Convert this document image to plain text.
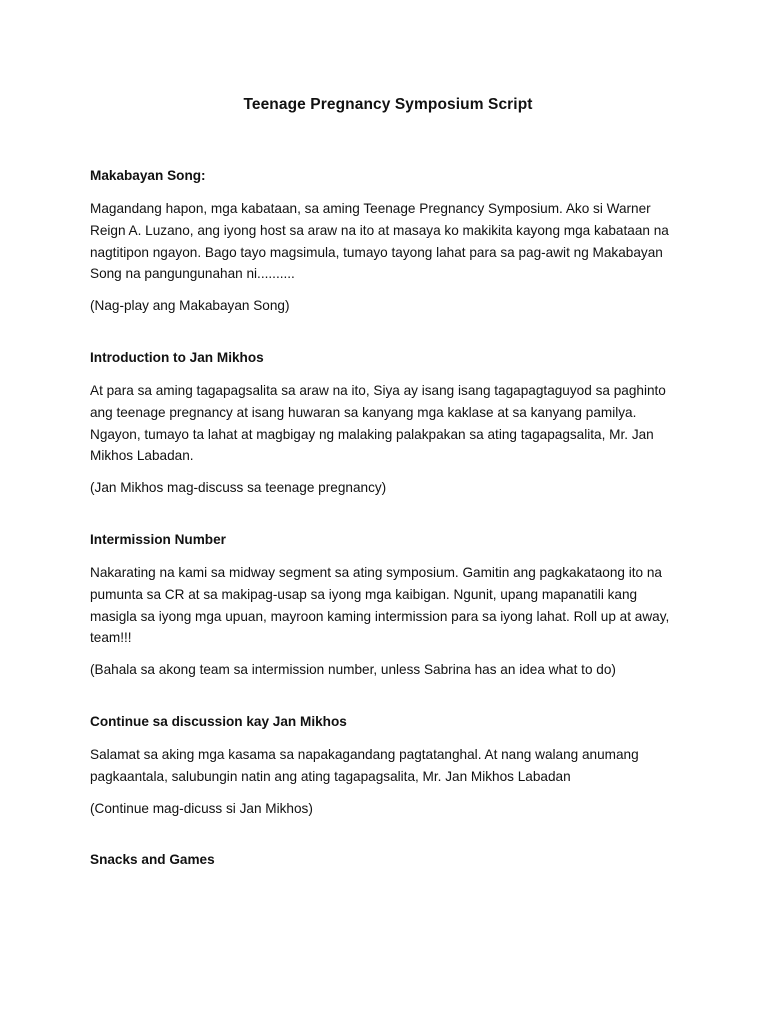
Teenage Pregnancy Symposium Script
Makabayan Song:

Magandang hapon, mga kabataan, sa aming Teenage Pregnancy Symposium. Ako si Warner Reign A. Luzano, ang iyong host sa araw na ito at masaya ko makikita kayong mga kabataan na nagtitipon ngayon. Bago tayo magsimula, tumayo tayong lahat para sa pag-awit ng Makabayan Song na pangungunahan ni..........

(Nag-play ang Makabayan Song)

Introduction to Jan Mikhos

At para sa aming tagapagsalita sa araw na ito, Siya ay isang isang tagapagtaguyod sa paghinto ang teenage pregnancy at isang huwaran sa kanyang mga kaklase at sa kanyang pamilya. Ngayon, tumayo ta lahat at magbigay ng malaking palakpakan sa ating tagapagsalita, Mr. Jan Mikhos Labadan.

(Jan Mikhos mag-discuss sa teenage pregnancy)

Intermission Number

Nakarating na kami sa midway segment sa ating symposium. Gamitin ang pagkakataong ito na pumunta sa CR at sa makipag-usap sa iyong mga kaibigan. Ngunit, upang mapanatili kang masigla sa iyong mga upuan, mayroon kaming intermission para sa iyong lahat. Roll up at away, team!!!

(Bahala sa akong team sa intermission number, unless Sabrina has an idea what to do)

Continue sa discussion kay Jan Mikhos

Salamat sa aking mga kasama sa napakagandang pagtatanghal. At nang walang anumang pagkaantala, salubungin natin ang ating tagapagsalita, Mr. Jan Mikhos Labadan

(Continue mag-dicuss si Jan Mikhos)

Snacks and Games
